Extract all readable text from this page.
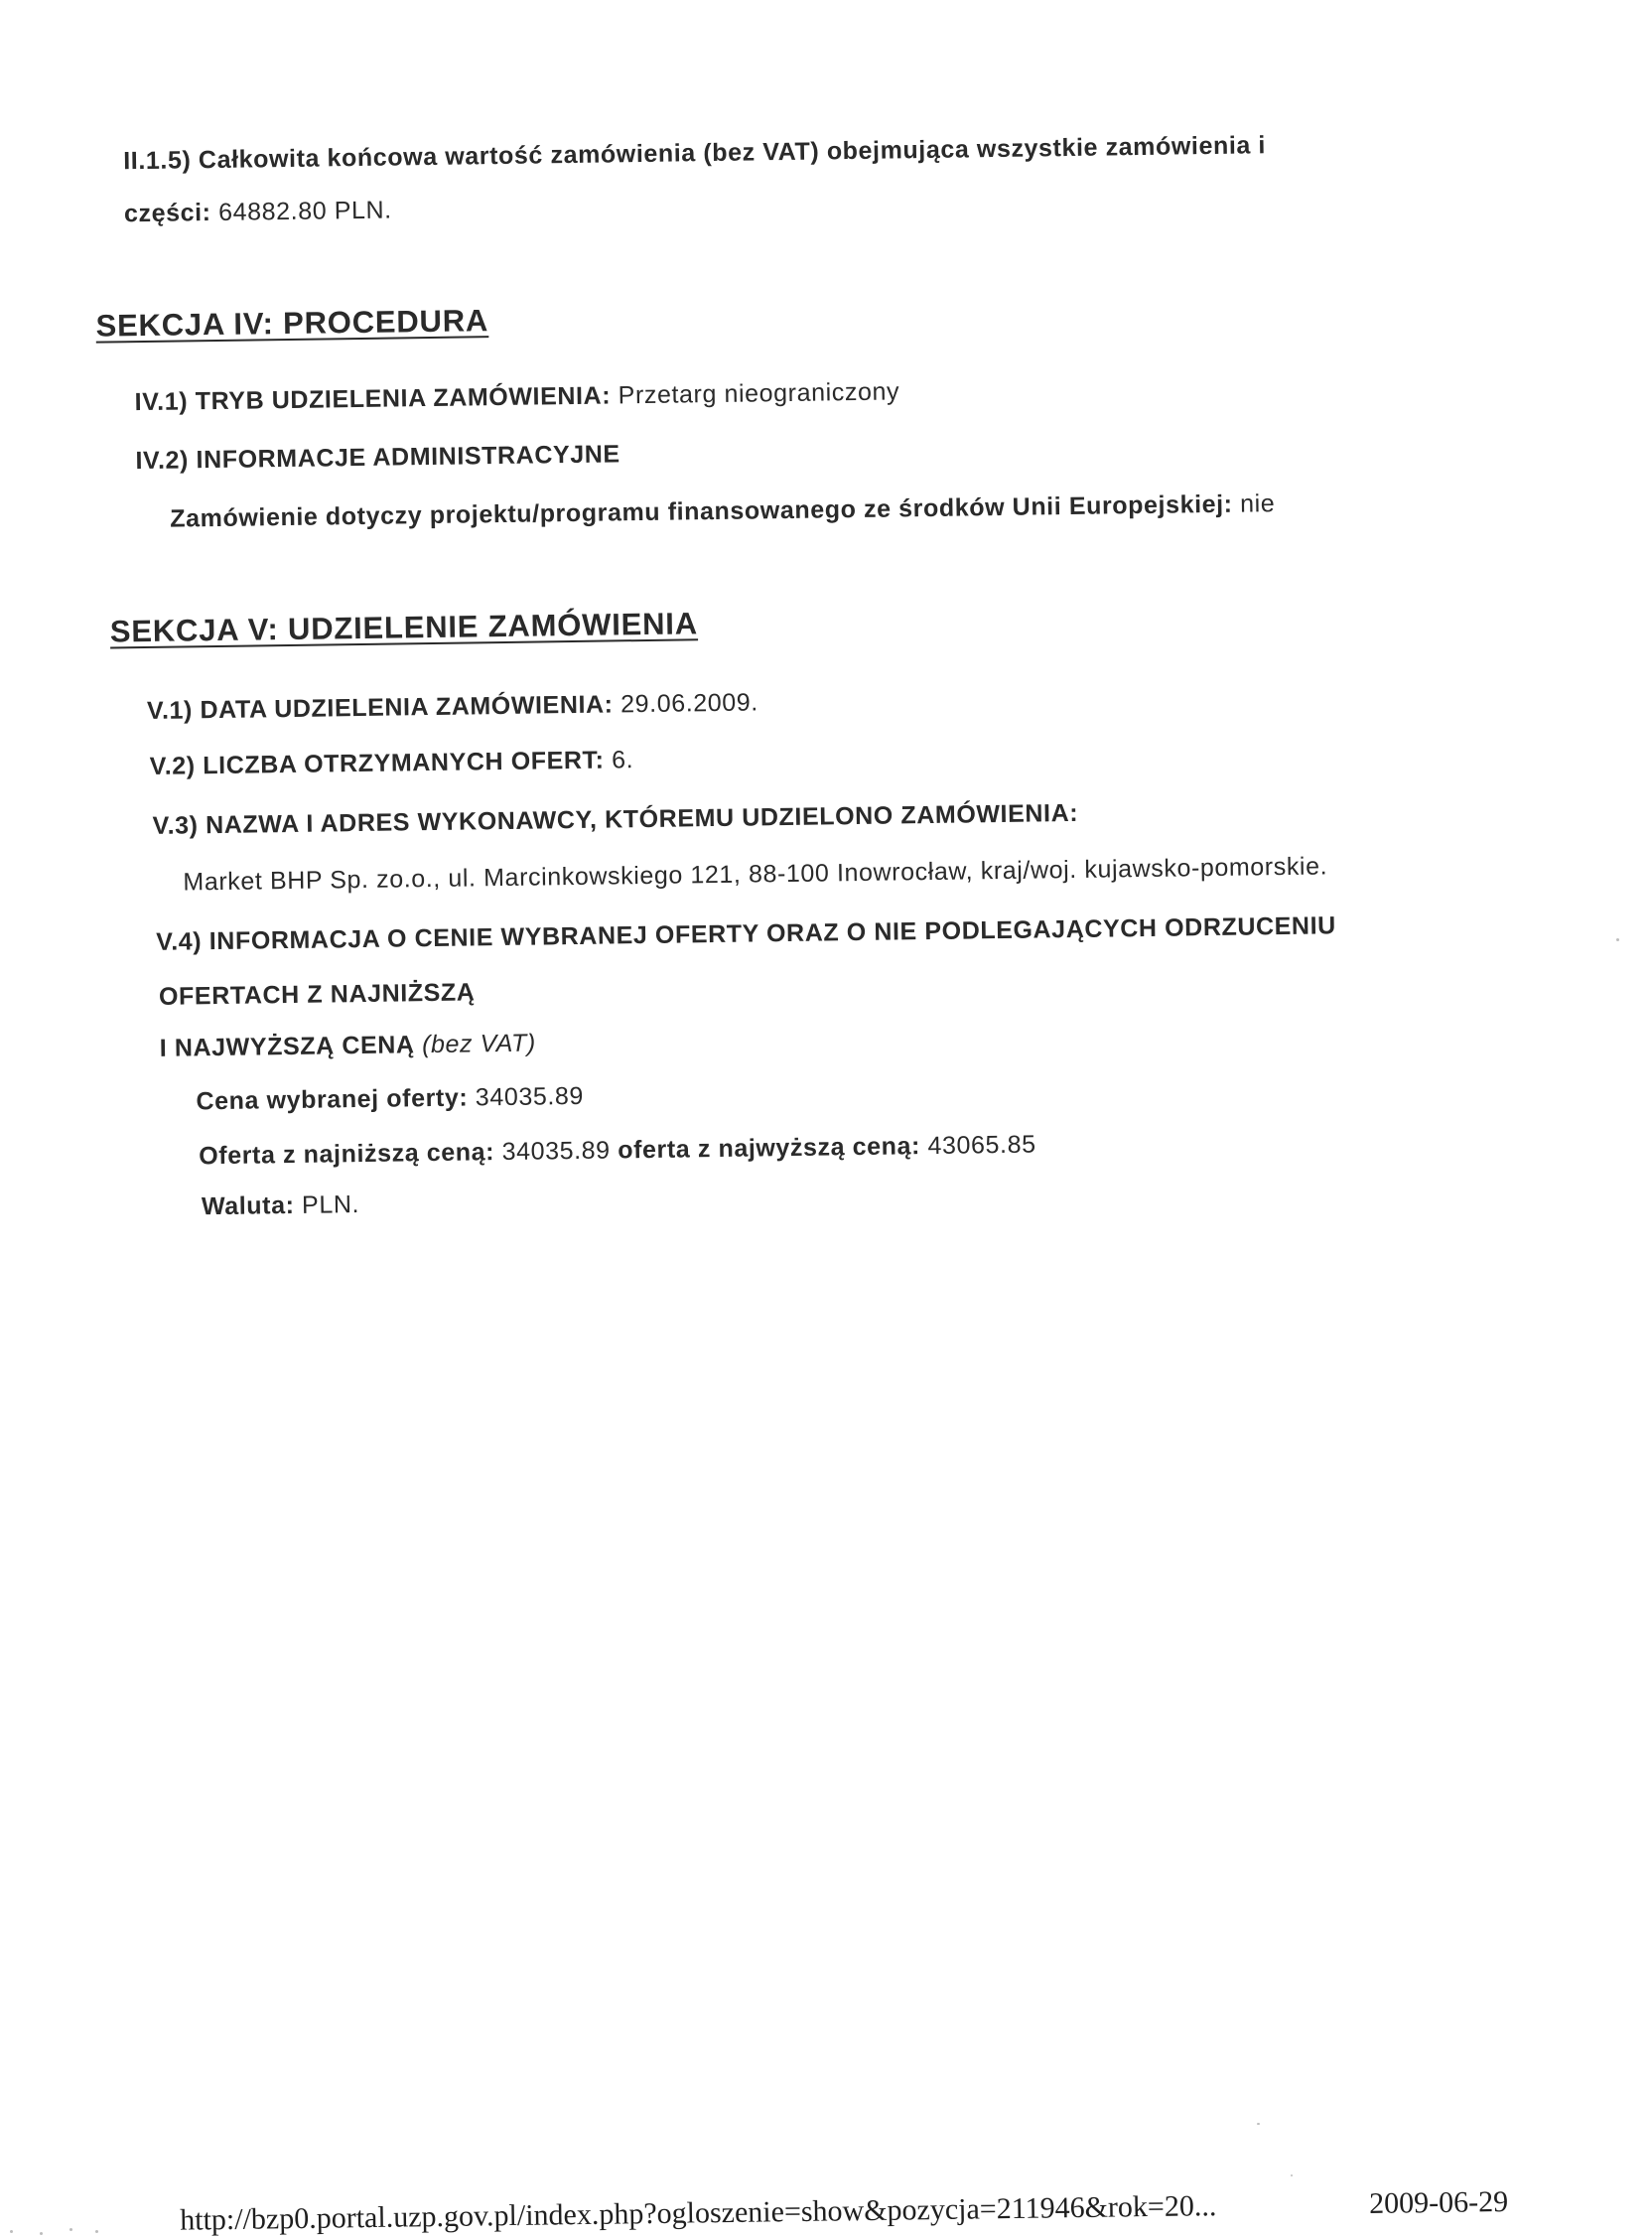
II.1.5) Całkowita końcowa wartość zamówienia (bez VAT) obejmująca wszystkie zamówienia i
części: 64882.80 PLN.
SEKCJA IV: PROCEDURA
IV.1) TRYB UDZIELENIA ZAMÓWIENIA: Przetarg nieograniczony
IV.2) INFORMACJE ADMINISTRACYJNE
Zamówienie dotyczy projektu/programu finansowanego ze środków Unii Europejskiej: nie
SEKCJA V: UDZIELENIE ZAMÓWIENIA
V.1) DATA UDZIELENIA ZAMÓWIENIA: 29.06.2009.
V.2) LICZBA OTRZYMANYCH OFERT: 6.
V.3) NAZWA I ADRES WYKONAWCY, KTÓREMU UDZIELONO ZAMÓWIENIA:
Market BHP Sp. zo.o., ul. Marcinkowskiego 121, 88-100 Inowrocław, kraj/woj. kujawsko-pomorskie.
V.4) INFORMACJA O CENIE WYBRANEJ OFERTY ORAZ O NIE PODLEGAJĄCYCH ODRZUCENIU
OFERTACH Z NAJNIŻSZĄ
I NAJWYŻSZĄ CENĄ (bez VAT)
Cena wybranej oferty: 34035.89
Oferta z najniższą ceną: 34035.89 oferta z najwyższą ceną: 43065.85
Waluta: PLN.
http://bzp0.portal.uzp.gov.pl/index.php?ogloszenie=show&pozycja=211946&rok=20...	2009-06-29
